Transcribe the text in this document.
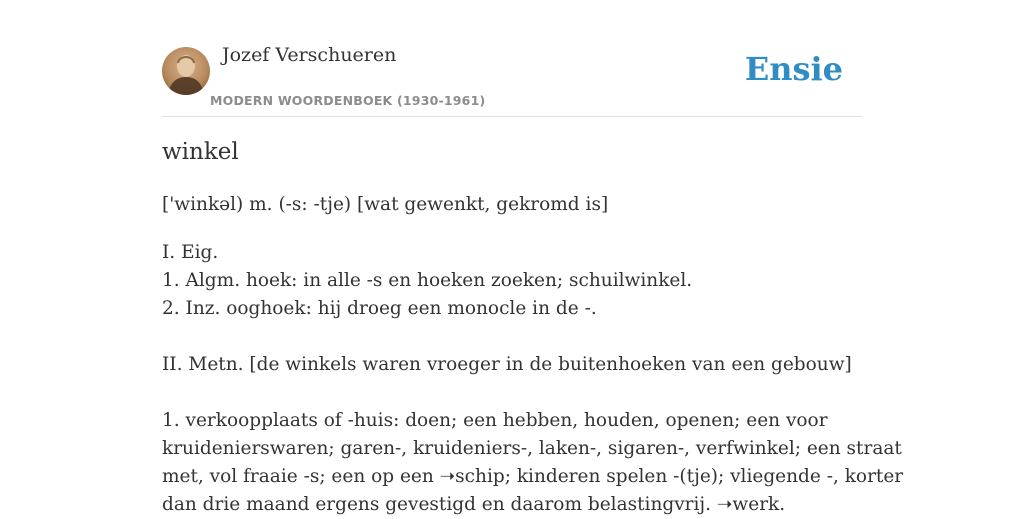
Jozef Verschueren
MODERN WOORDENBOEK (1930-1961)
Ensie
winkel
['winkəl) m. (-s: -tje) [wat gewenkt, gekromd is]
I. Eig.
1. Algm. hoek: in alle -s en hoeken zoeken; schuilwinkel.
2. Inz. ooghoek: hij droeg een monocle in de -.
II. Metn. [de winkels waren vroeger in de buitenhoeken van een gebouw]
1. verkoopplaats of -huis: doen; een hebben, houden, openen; een voor
kruidenierswaren; garen-, kruideniers-, laken-, sigaren-, verfwinkel; een straat
met, vol fraaie -s; een op een ➝schip; kinderen spelen -(tje); vliegende -, korter
dan drie maand ergens gevestigd en daarom belastingvrij. ➝werk.
